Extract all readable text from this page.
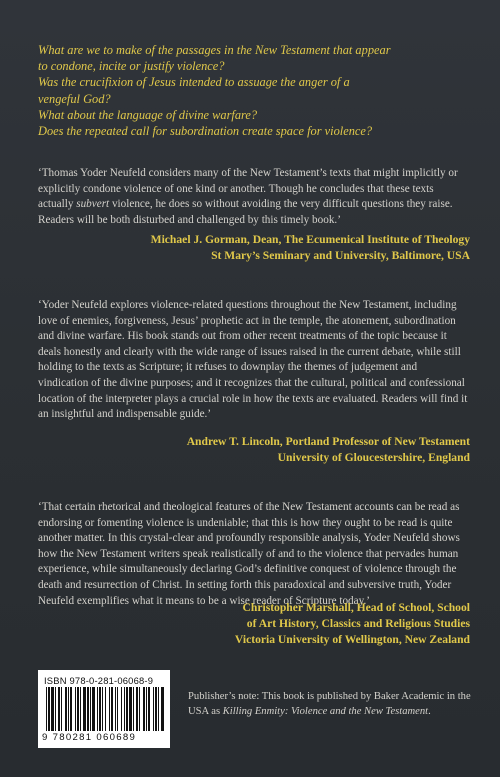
What are we to make of the passages in the New Testament that appear
to condone, incite or justify violence?
Was the crucifixion of Jesus intended to assuage the anger of a
vengeful God?
What about the language of divine warfare?
Does the repeated call for subordination create space for violence?
‘Thomas Yoder Neufeld considers many of the New Testament’s texts that might implicitly or explicitly condone violence of one kind or another. Though he concludes that these texts actually subvert violence, he does so without avoiding the very difficult questions they raise. Readers will be both disturbed and challenged by this timely book.’
Michael J. Gorman, Dean, The Ecumenical Institute of Theology
St Mary’s Seminary and University, Baltimore, USA
‘Yoder Neufeld explores violence-related questions throughout the New Testament, including love of enemies, forgiveness, Jesus’ prophetic act in the temple, the atonement, subordination and divine warfare. His book stands out from other recent treatments of the topic because it deals honestly and clearly with the wide range of issues raised in the current debate, while still holding to the texts as Scripture; it refuses to downplay the themes of judgement and vindication of the divine purposes; and it recognizes that the cultural, political and confessional location of the interpreter plays a crucial role in how the texts are evaluated. Readers will find it an insightful and indispensable guide.’
Andrew T. Lincoln, Portland Professor of New Testament
University of Gloucestershire, England
‘That certain rhetorical and theological features of the New Testament accounts can be read as endorsing or fomenting violence is undeniable; that this is how they ought to be read is quite another matter. In this crystal-clear and profoundly responsible analysis, Yoder Neufeld shows how the New Testament writers speak realistically of and to the violence that pervades human experience, while simultaneously declaring God’s definitive conquest of violence through the death and resurrection of Christ. In setting forth this paradoxical and subversive truth, Yoder Neufeld exemplifies what it means to be a wise reader of Scripture today.’
Christopher Marshall, Head of School, School
of Art History, Classics and Religious Studies
Victoria University of Wellington, New Zealand
ISBN 978-0-281-06068-9
9 780281 060689
Publisher’s note: This book is published by Baker Academic in the USA as Killing Enmity: Violence and the New Testament.
